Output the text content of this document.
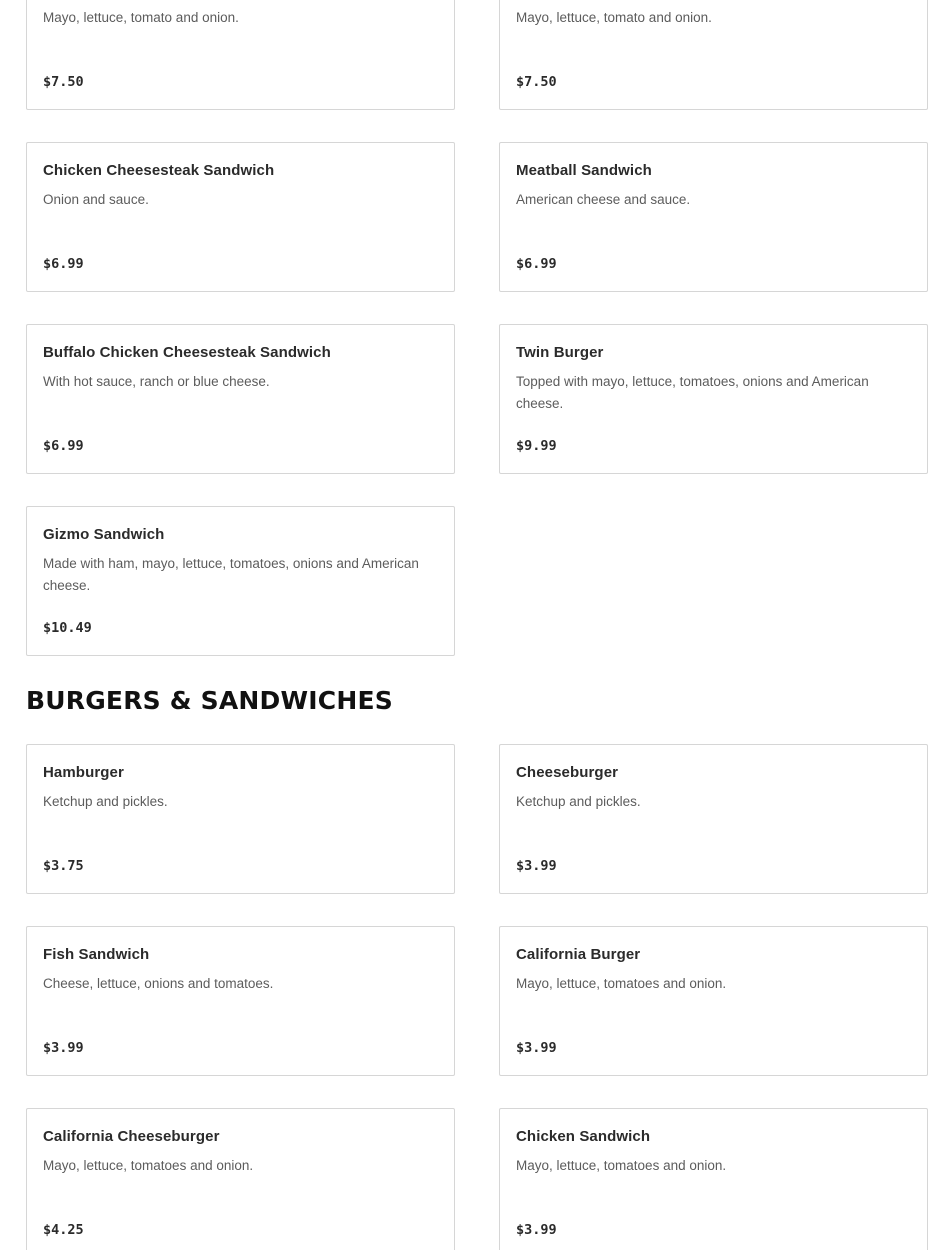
Mayo, lettuce, tomato and onion.
$7.50
Mayo, lettuce, tomato and onion.
$7.50
Chicken Cheesesteak Sandwich
Onion and sauce.
$6.99
Meatball Sandwich
American cheese and sauce.
$6.99
Buffalo Chicken Cheesesteak Sandwich
With hot sauce, ranch or blue cheese.
$6.99
Twin Burger
Topped with mayo, lettuce, tomatoes, onions and American cheese.
$9.99
Gizmo Sandwich
Made with ham, mayo, lettuce, tomatoes, onions and American cheese.
$10.49
BURGERS & SANDWICHES
Hamburger
Ketchup and pickles.
$3.75
Cheeseburger
Ketchup and pickles.
$3.99
Fish Sandwich
Cheese, lettuce, onions and tomatoes.
$3.99
California Burger
Mayo, lettuce, tomatoes and onion.
$3.99
California Cheeseburger
Mayo, lettuce, tomatoes and onion.
$4.25
Chicken Sandwich
Mayo, lettuce, tomatoes and onion.
$3.99
